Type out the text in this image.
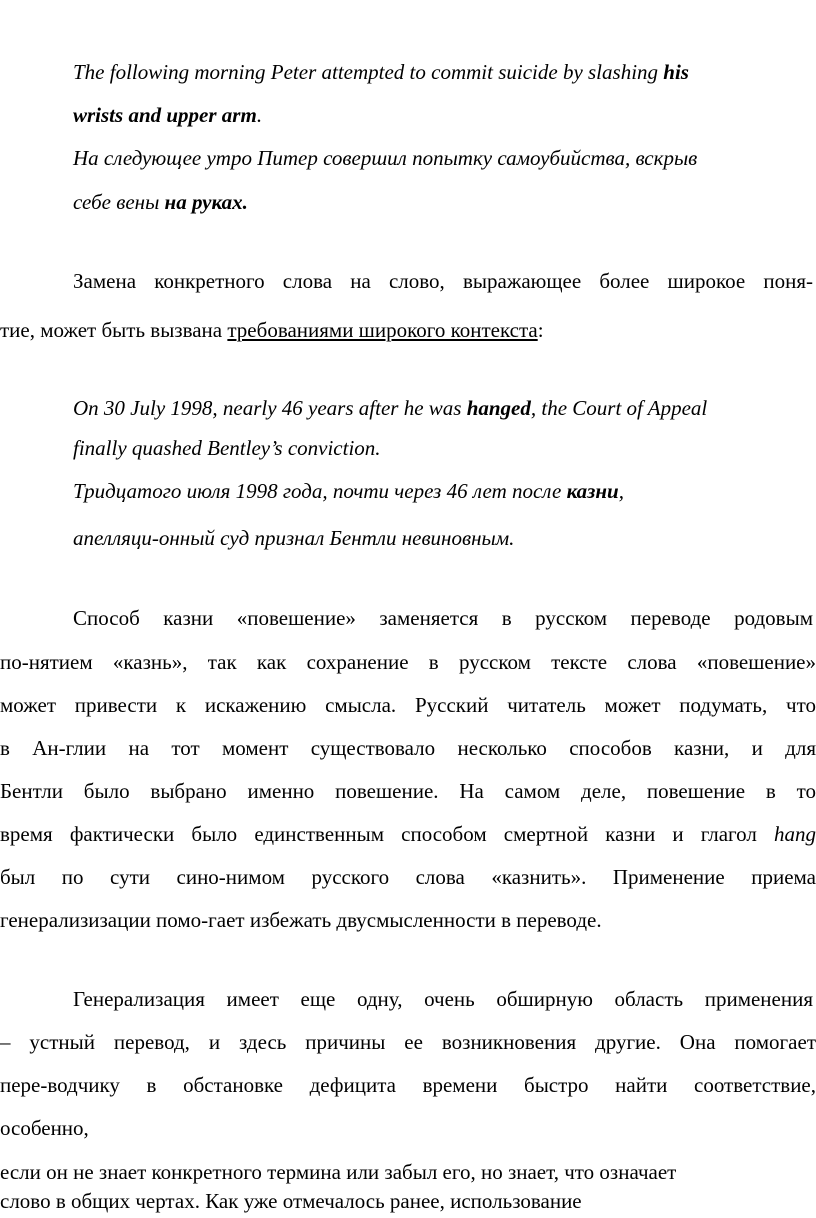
The following morning Peter attempted to commit suicide by slashing his
wrists and upper arm.
На следующее утро Питер совершил попытку самоубийства, вскрыв
себе вены на руках.
Замена конкретного слова на слово, выражающее более широкое поня-
тие, может быть вызвана требованиями широкого контекста:
On 30 July 1998, nearly 46 years after he was hanged, the Court of Appeal
finally quashed Bentley’s conviction.
Тридцатого июля 1998 года, почти через 46 лет после казни,
апелляци-онный суд признал Бентли невиновным.
Способ казни «повешение» заменяется в русском переводе родовым
по-нятием «казнь», так как сохранение в русском тексте слова «повешение»
может привести к искажению смысла. Русский читатель может подумать, что
в Ан-глии на тот момент существовало несколько способов казни, и для
Бентли было выбрано именно повешение. На самом деле, повешение в то
время фактически было единственным способом смертной казни и глагол hang
был по сути сино-нимом русского слова «казнить». Применение приема
генерализизации помо-гает избежать двусмысленности в переводе.
Генерализация имеет еще одну, очень обширную область применения
– устный перевод, и здесь причины ее возникновения другие. Она помогает
пере-водчику в обстановке дефицита времени быстро найти соответствие,
особенно,
если он не знает конкретного термина или забыл его, но знает, что означает
слово в общих чертах. Как уже отмечалось ранее, использование
